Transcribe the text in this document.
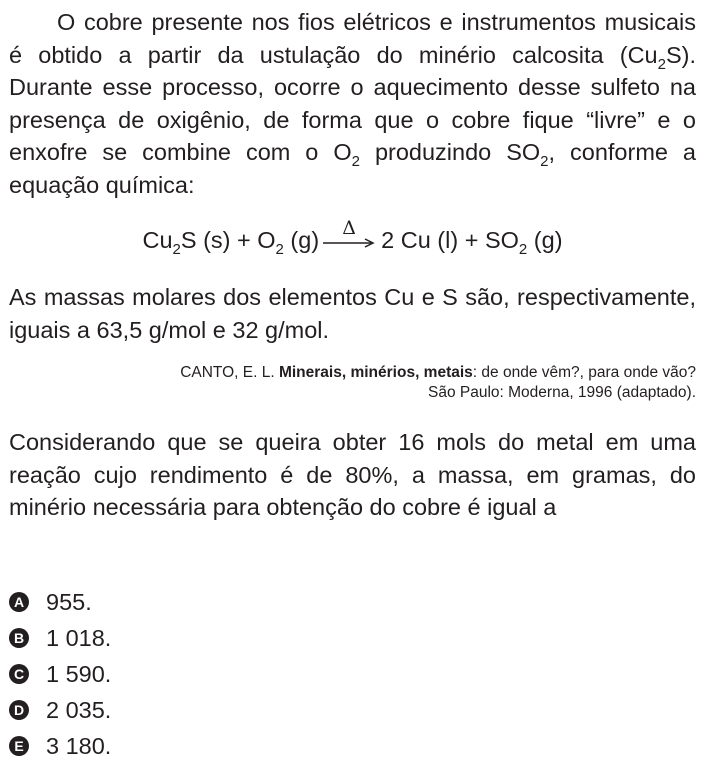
O cobre presente nos fios elétricos e instrumentos musicais é obtido a partir da ustulação do minério calcosita $(Cu_2S)$. Durante esse processo, ocorre o aquecimento desse sulfeto na presença de oxigênio, de forma que o cobre fique “livre” e o enxofre se combine com o $O_2$ produzindo $SO_2$, conforme a equação química:

$Cu_2S$ $(s) + O_2$ (g)	Δ	2 Cu $(l) + SO_2$ (g)

As massas molares dos elementos Cu e S são, respectivamente, iguais a 63,5 g/mol e 32 g/mol.

CANTO, E. L. Minerais, minérios, metais: de onde vêm?, para onde vão?
São Paulo: Moderna, 1996 (adaptado).

Considerando que se queira obter 16 mols do metal em uma reação cujo rendimento é de 80%, a massa, em gramas, do minério necessária para obtenção do cobre é igual a

A 955.
B 1 018.
C 1 590.
D 2 035.
E 3 180.
